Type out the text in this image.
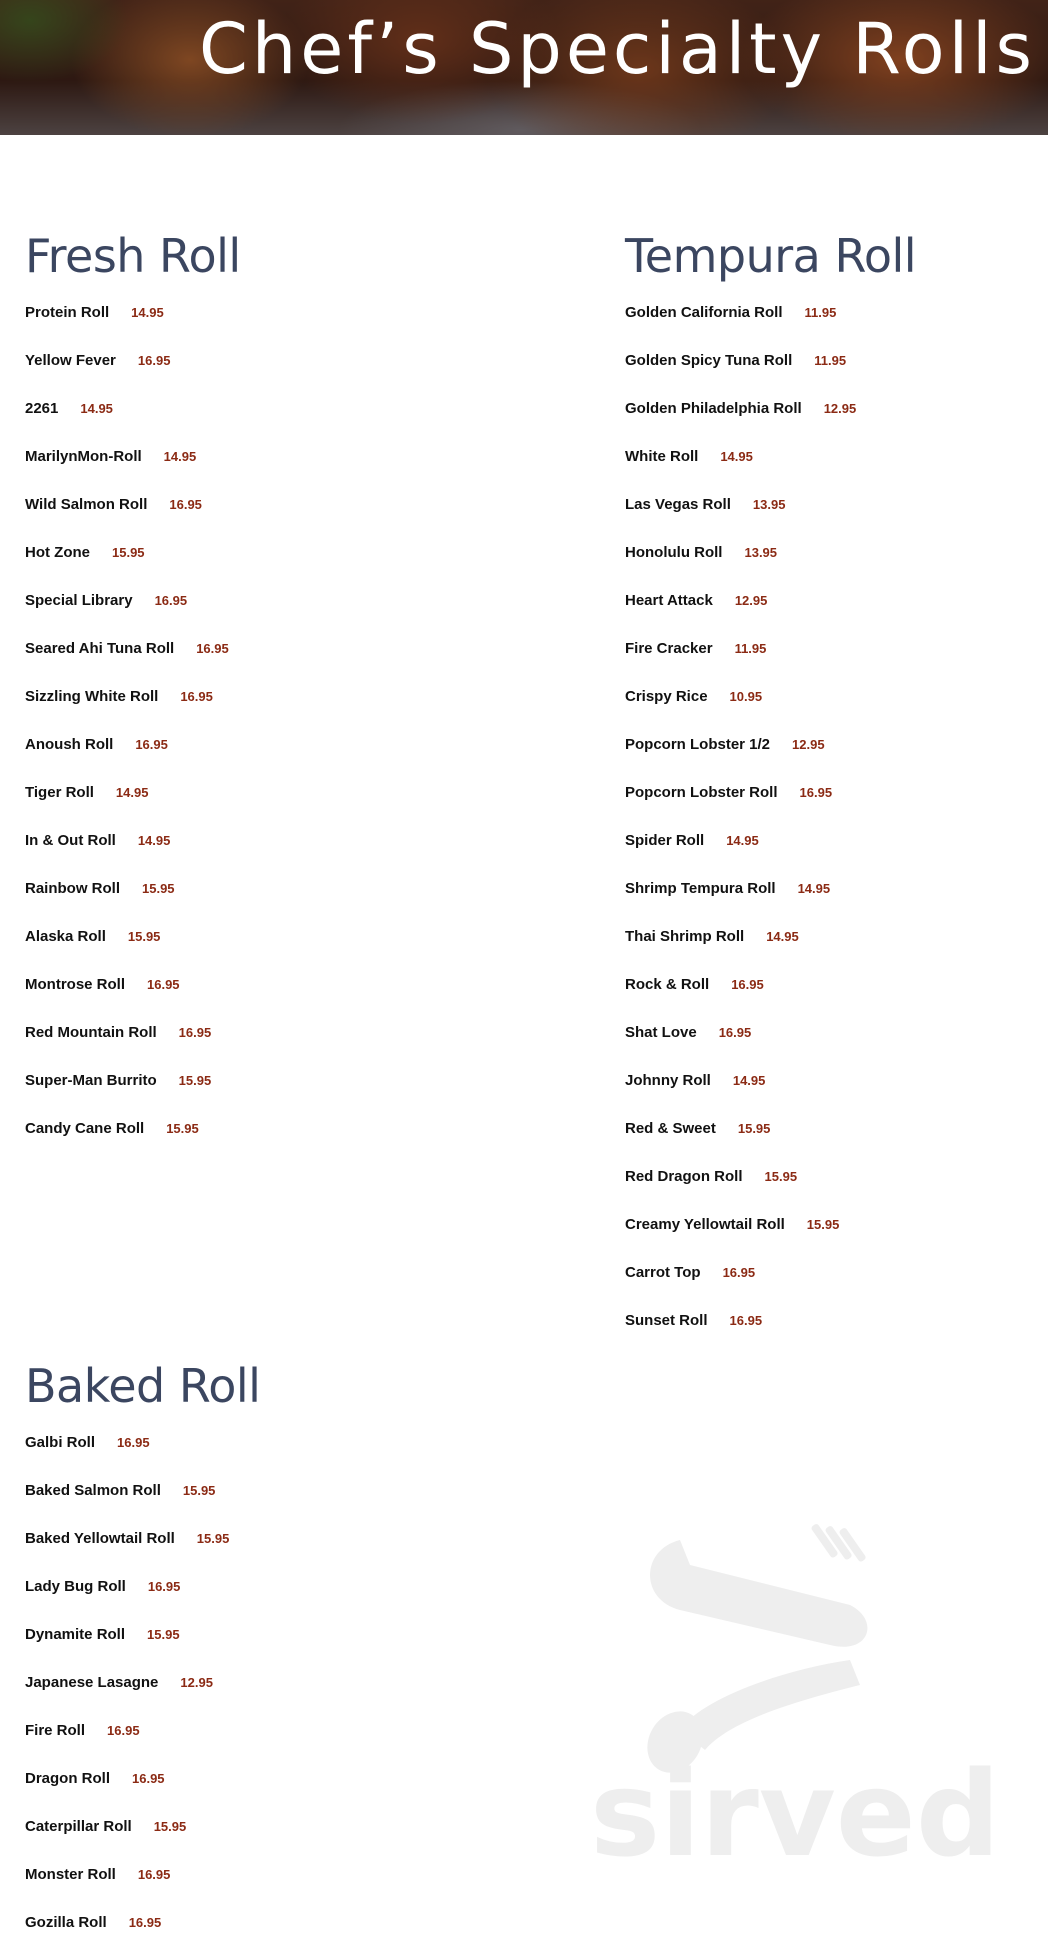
Chef’s Specialty Rolls
Fresh Roll
Protein Roll 14.95
Yellow Fever 16.95
2261 14.95
MarilynMon-Roll 14.95
Wild Salmon Roll 16.95
Hot Zone 15.95
Special Library 16.95
Seared Ahi Tuna Roll 16.95
Sizzling White Roll 16.95
Anoush Roll 16.95
Tiger Roll 14.95
In & Out Roll 14.95
Rainbow Roll 15.95
Alaska Roll 15.95
Montrose Roll 16.95
Red Mountain Roll 16.95
Super-Man Burrito 15.95
Candy Cane Roll 15.95
Tempura Roll
Golden California Roll 11.95
Golden Spicy Tuna Roll 11.95
Golden Philadelphia Roll 12.95
White Roll 14.95
Las Vegas Roll 13.95
Honolulu Roll 13.95
Heart Attack 12.95
Fire Cracker 11.95
Crispy Rice 10.95
Popcorn Lobster 1/2 12.95
Popcorn Lobster Roll 16.95
Spider Roll 14.95
Shrimp Tempura Roll 14.95
Thai Shrimp Roll 14.95
Rock & Roll 16.95
Shat Love 16.95
Johnny Roll 14.95
Red & Sweet 15.95
Red Dragon Roll 15.95
Creamy Yellowtail Roll 15.95
Carrot Top 16.95
Sunset Roll 16.95
Baked Roll
Galbi Roll 16.95
Baked Salmon Roll 15.95
Baked Yellowtail Roll 15.95
Lady Bug Roll 16.95
Dynamite Roll 15.95
Japanese Lasagne 12.95
Fire Roll 16.95
Dragon Roll 16.95
Caterpillar Roll 15.95
Monster Roll 16.95
Gozilla Roll 16.95
sirved
